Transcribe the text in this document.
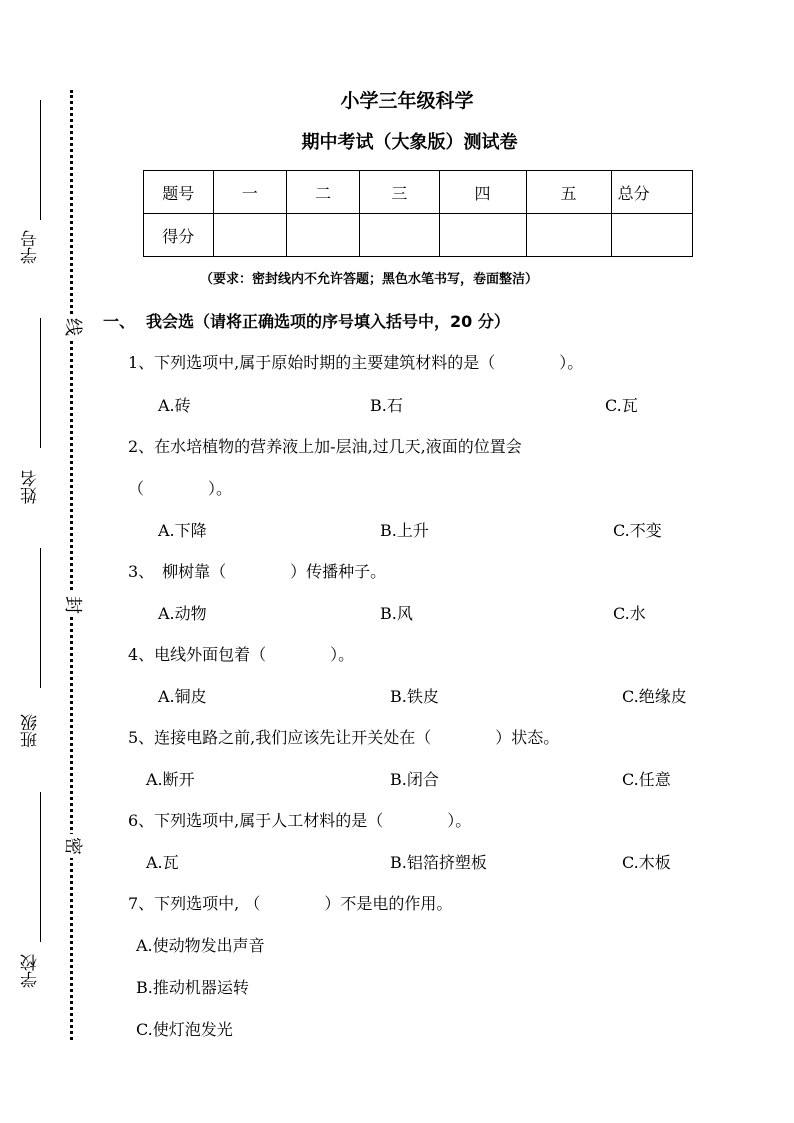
学号
姓名
班级
学校
线
封
密
小学三年级科学
期中考试（大象版）测试卷
题号	一	二	三	四	五	总分
得分						
（要求：密封线内不允许答题；黑色水笔书写，卷面整洁）
一、 我会选（请将正确选项的序号填入括号中，20 分）
1、下列选项中,属于原始时期的主要建筑材料的是（　　　　）。
A.砖	B.石	C.瓦
2、在水培植物的营养液上加-层油,过几天,液面的位置会
（　　　　）。
A.下降	B.上升	C.不变
3、　柳树靠（　　　　）传播种子。
A.动物	B.风	C.水
4、电线外面包着（　　　　）。
A.铜皮	B.铁皮	C.绝缘皮
5、连接电路之前,我们应该先让开关处在（　　　　）状态。
A.断开	B.闭合	C.任意
6、下列选项中,属于人工材料的是（　　　　）。
A.瓦	B.铝箔挤塑板	C.木板
7、下列选项中, （　　　　）不是电的作用。
A.使动物发出声音
B.推动机器运转
C.使灯泡发光
